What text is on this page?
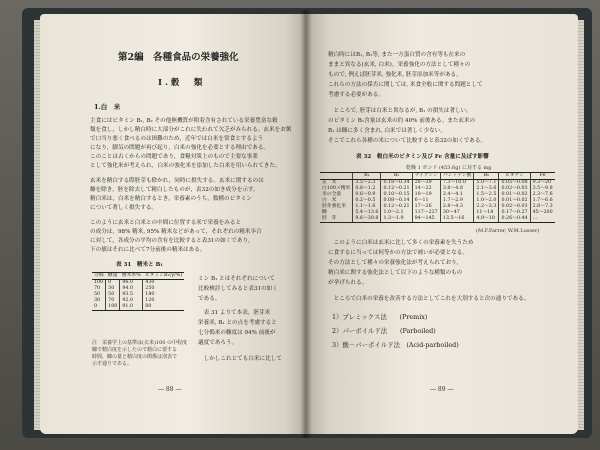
第2編　各種食品の栄養強化
I.穀　類
1.白　米
主食にはビタミン B₁, B₂ その他無機質が附着含有されている栄養豊富な穀
類を食し，しかし精白時に大部分がこれに失われて欠乏がみられる。玄米をお粥
で口当り悪く食べるのは困難のため，近年では白米を常食とするよう
になり，脚気の問題が再び起り，白米の強化を必要とする理由である。
このことは古くからの問題であり，食糧対策上のもので主要な事業
として強化米が考えられ，白米の強化米を添加した白米を用いられてきた。
玄米を精白する際胚芽も除かれ，同時に損失する。玄米に関するのは
糠を除き，胚を除去して精白したものが，表32の如き成分を示す。
精白米は，白米を精白するとき，栄養素のうち，数種のビタミン
について著しく損失する。
このように玄米と白米との中間に位置する米で栄養をみると
の成分は，98% 精米, 95% 精米などがあって，それぞれの精米歩合
に対して，各成分の平均の含有を比較すると表31の如くであり，
下の値はそれに比べて7分前後の精米はある。
表 31　精米と B₁
分搗	糠量	精米率%	ビタミンB₁(γ/%)
100	0	96.0	430
70	30	94.0	250
50	50	93.5	180
30	70	92.0	120
0	100	91.0	80
注　栄養学上の基準は(玄米)100 の中程度
糠で精白度を示したので精白に要する
時間，糠の量と精白度の関係は別表で
示す通りである。
ミン B₁ とはそれぞれについて
比較検討してみると表31の如く
である。
　表 31 よりて本表，胚芽米
栄養米, B₁ との点を考慮すると
七分搗米の糠度は 94% 前後が
適度であろう。
　しかしこれとても白米に比して
― 88 ―
精白時にはB₁, B₂等, また一方蛋白質の含有等も在来の
ままと異なる(玄米, 白米)。栄養強化の方法として種々の
もので, 例えば胚芽米, 強化米, 胚芽添加米等がある。
これらの方法の採否に関しては, 米食全般に関する問題として
考慮する必要がある。
　ところで, 胚芽は白米と異なるが, B₁ の損失は著しい。
のビタミン B₁含量は玄米の約 40% 前後ある。また玄米の
B₁ は糠に多く含まれ, 白米では著しく少ない。
そこでこれら各種の米について比較すると表32の如くである。
表 32　穀白米のビタミン及び Fe 含量に及ぼす影響
乾燥 1 ポンド (453.6g) に対する mg
	B₁	B₂	ナイアシン	パントテン酸	B₆	ビオチン	Fe
玄　米	3.5〜2.3	0.18〜0.34	28〜39	7.3〜10.0	5.0〜7.1	0.05〜0.08	9.3〜20
白100メ精米	0.8〜1.2	0.12〜0.21	14〜22	3.8〜4.8	2.1〜3.6	0.02〜0.03	3.5〜9.8
米の全量	0.6〜0.9	0.10〜0.15	10〜19	2.4〜4.1	1.5〜2.5	0.01〜0.02	2.3〜7.6
白　米	0.2〜0.5	0.08〜0.14	6〜11	1.7〜2.9	1.0〜2.0	0.01〜0.02	1.7〜6.6
胚芽強化米	1.1〜1.6	0.12〜0.21	17〜26	2.8〜4.3	2.2〜3.3	0.02〜0.03	2.8〜7.3
糠	5.4〜13.6	1.0〜2.1	117〜227	30〜47	11〜18	0.17〜0.27	45〜200
胚　芽	9.6〜30.8	1.3〜1.9	94〜145	13.5〜16	4.9〜10	0.26〜0.44	...
(M.F.Farrer, W.M.Lusser)
　このように白米は玄米に比して多くの栄養素を失うため
に食するに当っては何等かの方法で補いが必要となる。
その方法として種々の栄養強化法が考えられており，
精白米に関する強化法として以下のような種類のもの
が挙げられる。
　ところで白米の栄養を改善する方法としてこれを大別すると次の通りである。
1）プレミックス法　　(Premix)
2）パーボイルド法　　(Parboiled)
3）酸－パーボイルド法　(Acid-parboiled)
― 89 ―
